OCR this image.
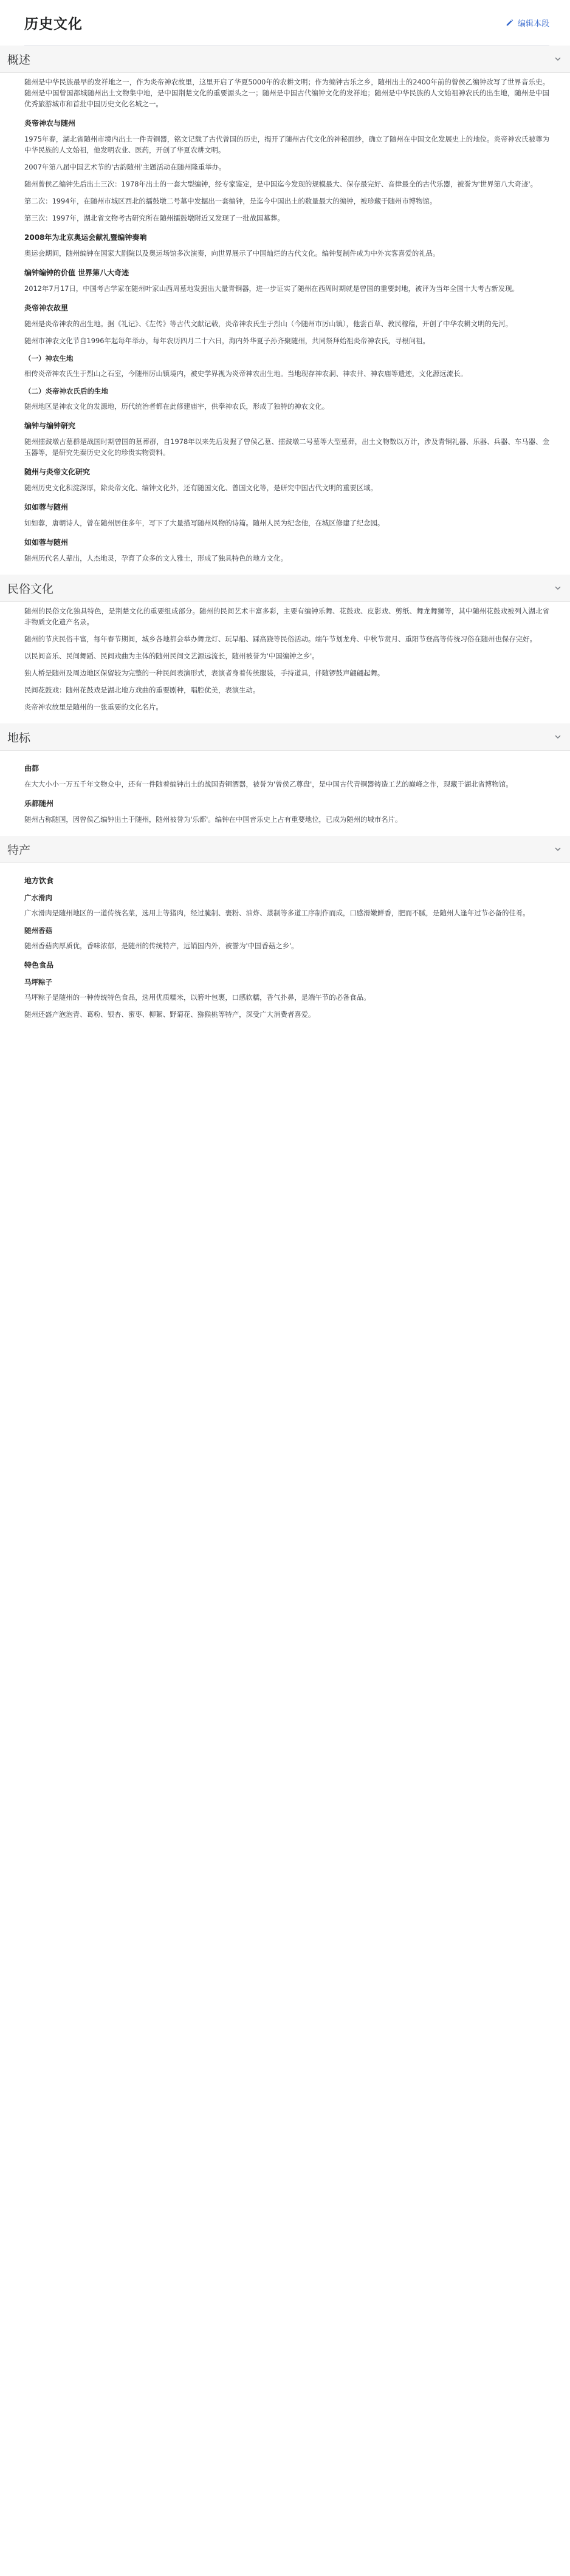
历史文化	编辑本段
概述

随州是中华民族最早的发祥地之一，作为炎帝神农故里，这里开启了华夏5000年的农耕文明；作为编钟古乐之乡，随州出土的2400年前的曾侯乙编钟改写了世界音乐史。随州是中国曾国都城随州出土文物集中地，是中国荆楚文化的重要源头之一；随州是中国古代编钟文化的发祥地；随州是中华民族的人文始祖神农氏的出生地，随州是中国优秀旅游城市和首批中国历史文化名城之一。

炎帝神农与随州

1975年春，湖北省随州市境内出土一件青铜器，铭文记载了古代曾国的历史，揭开了随州古代文化的神秘面纱，确立了随州在中国文化发展史上的地位。炎帝神农氏被尊为中华民族的人文始祖，他发明农业、医药，开创了华夏农耕文明。

2007年第八届中国艺术节的'古韵随州'主题活动在随州隆重举办。

随州曾侯乙编钟先后出土三次：1978年出土的一套大型编钟，经专家鉴定，是中国迄今发现的规模最大、保存最完好、音律最全的古代乐器，被誉为'世界第八大奇迹'。

第二次：1994年，在随州市城区西北的擂鼓墩二号墓中发掘出一套编钟，是迄今中国出土的数量最大的编钟，被珍藏于随州市博物馆。

第三次：1997年，湖北省文物考古研究所在随州擂鼓墩附近又发现了一批战国墓葬。

2008年为北京奥运会献礼暨编钟奏响

奥运会期间，随州编钟在国家大剧院以及奥运场馆多次演奏，向世界展示了中国灿烂的古代文化。编钟复制件成为中外宾客喜爱的礼品。

编钟编钟的价值 世界第八大奇迹

2012年7月17日，中国考古学家在随州叶家山西周墓地发掘出大量青铜器，进一步证实了随州在西周时期就是曾国的重要封地，被评为当年全国十大考古新发现。

炎帝神农故里

随州是炎帝神农的出生地。据《礼记》、《左传》等古代文献记载，炎帝神农氏生于烈山（今随州市厉山镇），他尝百草、教民稼穑，开创了中华农耕文明的先河。

随州市神农文化节自1996年起每年举办，每年农历四月二十六日，海内外华夏子孙齐聚随州，共同祭拜始祖炎帝神农氏，寻根问祖。

（一）神农生地

相传炎帝神农氏生于烈山之石室，今随州厉山镇境内，被史学界视为炎帝神农出生地。当地现存神农洞、神农井、神农庙等遗迹，文化源远流长。

（二）炎帝神农氏后的生地

随州地区是神农文化的发源地，历代统治者都在此修建庙宇，供奉神农氏，形成了独特的神农文化。

编钟与编钟研究

随州擂鼓墩古墓群是战国时期曾国的墓葬群，自1978年以来先后发掘了曾侯乙墓、擂鼓墩二号墓等大型墓葬，出土文物数以万计，涉及青铜礼器、乐器、兵器、车马器、金玉器等，是研究先秦历史文化的珍贵实物资料。

随州与炎帝文化研究

随州历史文化积淀深厚，除炎帝文化、编钟文化外，还有随国文化、曾国文化等，是研究中国古代文明的重要区域。

如如蓉与随州

如如蓉，唐朝诗人，曾在随州居住多年，写下了大量描写随州风物的诗篇。随州人民为纪念他，在城区修建了纪念园。

如如蓉与随州

随州历代名人辈出，人杰地灵，孕育了众多的文人雅士，形成了独具特色的地方文化。

民俗文化

随州的民俗文化独具特色，是荆楚文化的重要组成部分。随州的民间艺术丰富多彩，主要有编钟乐舞、花鼓戏、皮影戏、剪纸、舞龙舞狮等，其中随州花鼓戏被列入湖北省非物质文化遗产名录。

随州的节庆民俗丰富，每年春节期间，城乡各地都会举办舞龙灯、玩旱船、踩高跷等民俗活动。端午节划龙舟、中秋节赏月、重阳节登高等传统习俗在随州也保存完好。

以民间音乐、民间舞蹈、民间戏曲为主体的随州民间文艺源远流长，随州被誉为'中国编钟之乡'。

独人桥是随州及周边地区保留较为完整的一种民间表演形式，表演者身着传统服装，手持道具，伴随锣鼓声翩翩起舞。

民间花鼓戏：随州花鼓戏是湖北地方戏曲的重要剧种，唱腔优美，表演生动。

炎帝神农故里是随州的一张重要的文化名片。

地标
曲都

在大大小小一万五千年文物众中，还有一件随着编钟出土的战国青铜酒器，被誉为'曾侯乙尊盘'，是中国古代青铜器铸造工艺的巅峰之作，现藏于湖北省博物馆。

乐都随州

随州古称随国，因曾侯乙编钟出土于随州，随州被誉为'乐都'。编钟在中国音乐史上占有重要地位，已成为随州的城市名片。

特产
地方饮食
广水滑肉

广水滑肉是随州地区的一道传统名菜，选用上等猪肉，经过腌制、裹粉、油炸、蒸制等多道工序制作而成，口感滑嫩鲜香，肥而不腻，是随州人逢年过节必备的佳肴。

随州香菇

随州香菇肉厚质优，香味浓郁，是随州的传统特产，远销国内外，被誉为'中国香菇之乡'。

特色食品
马坪粽子

马坪粽子是随州的一种传统特色食品，选用优质糯米，以箬叶包裹，口感软糯，香气扑鼻，是端午节的必备食品。

随州还盛产泡泡青、葛粉、银杏、蜜枣、柳絮、野菊花、猕猴桃等特产，深受广大消费者喜爱。
